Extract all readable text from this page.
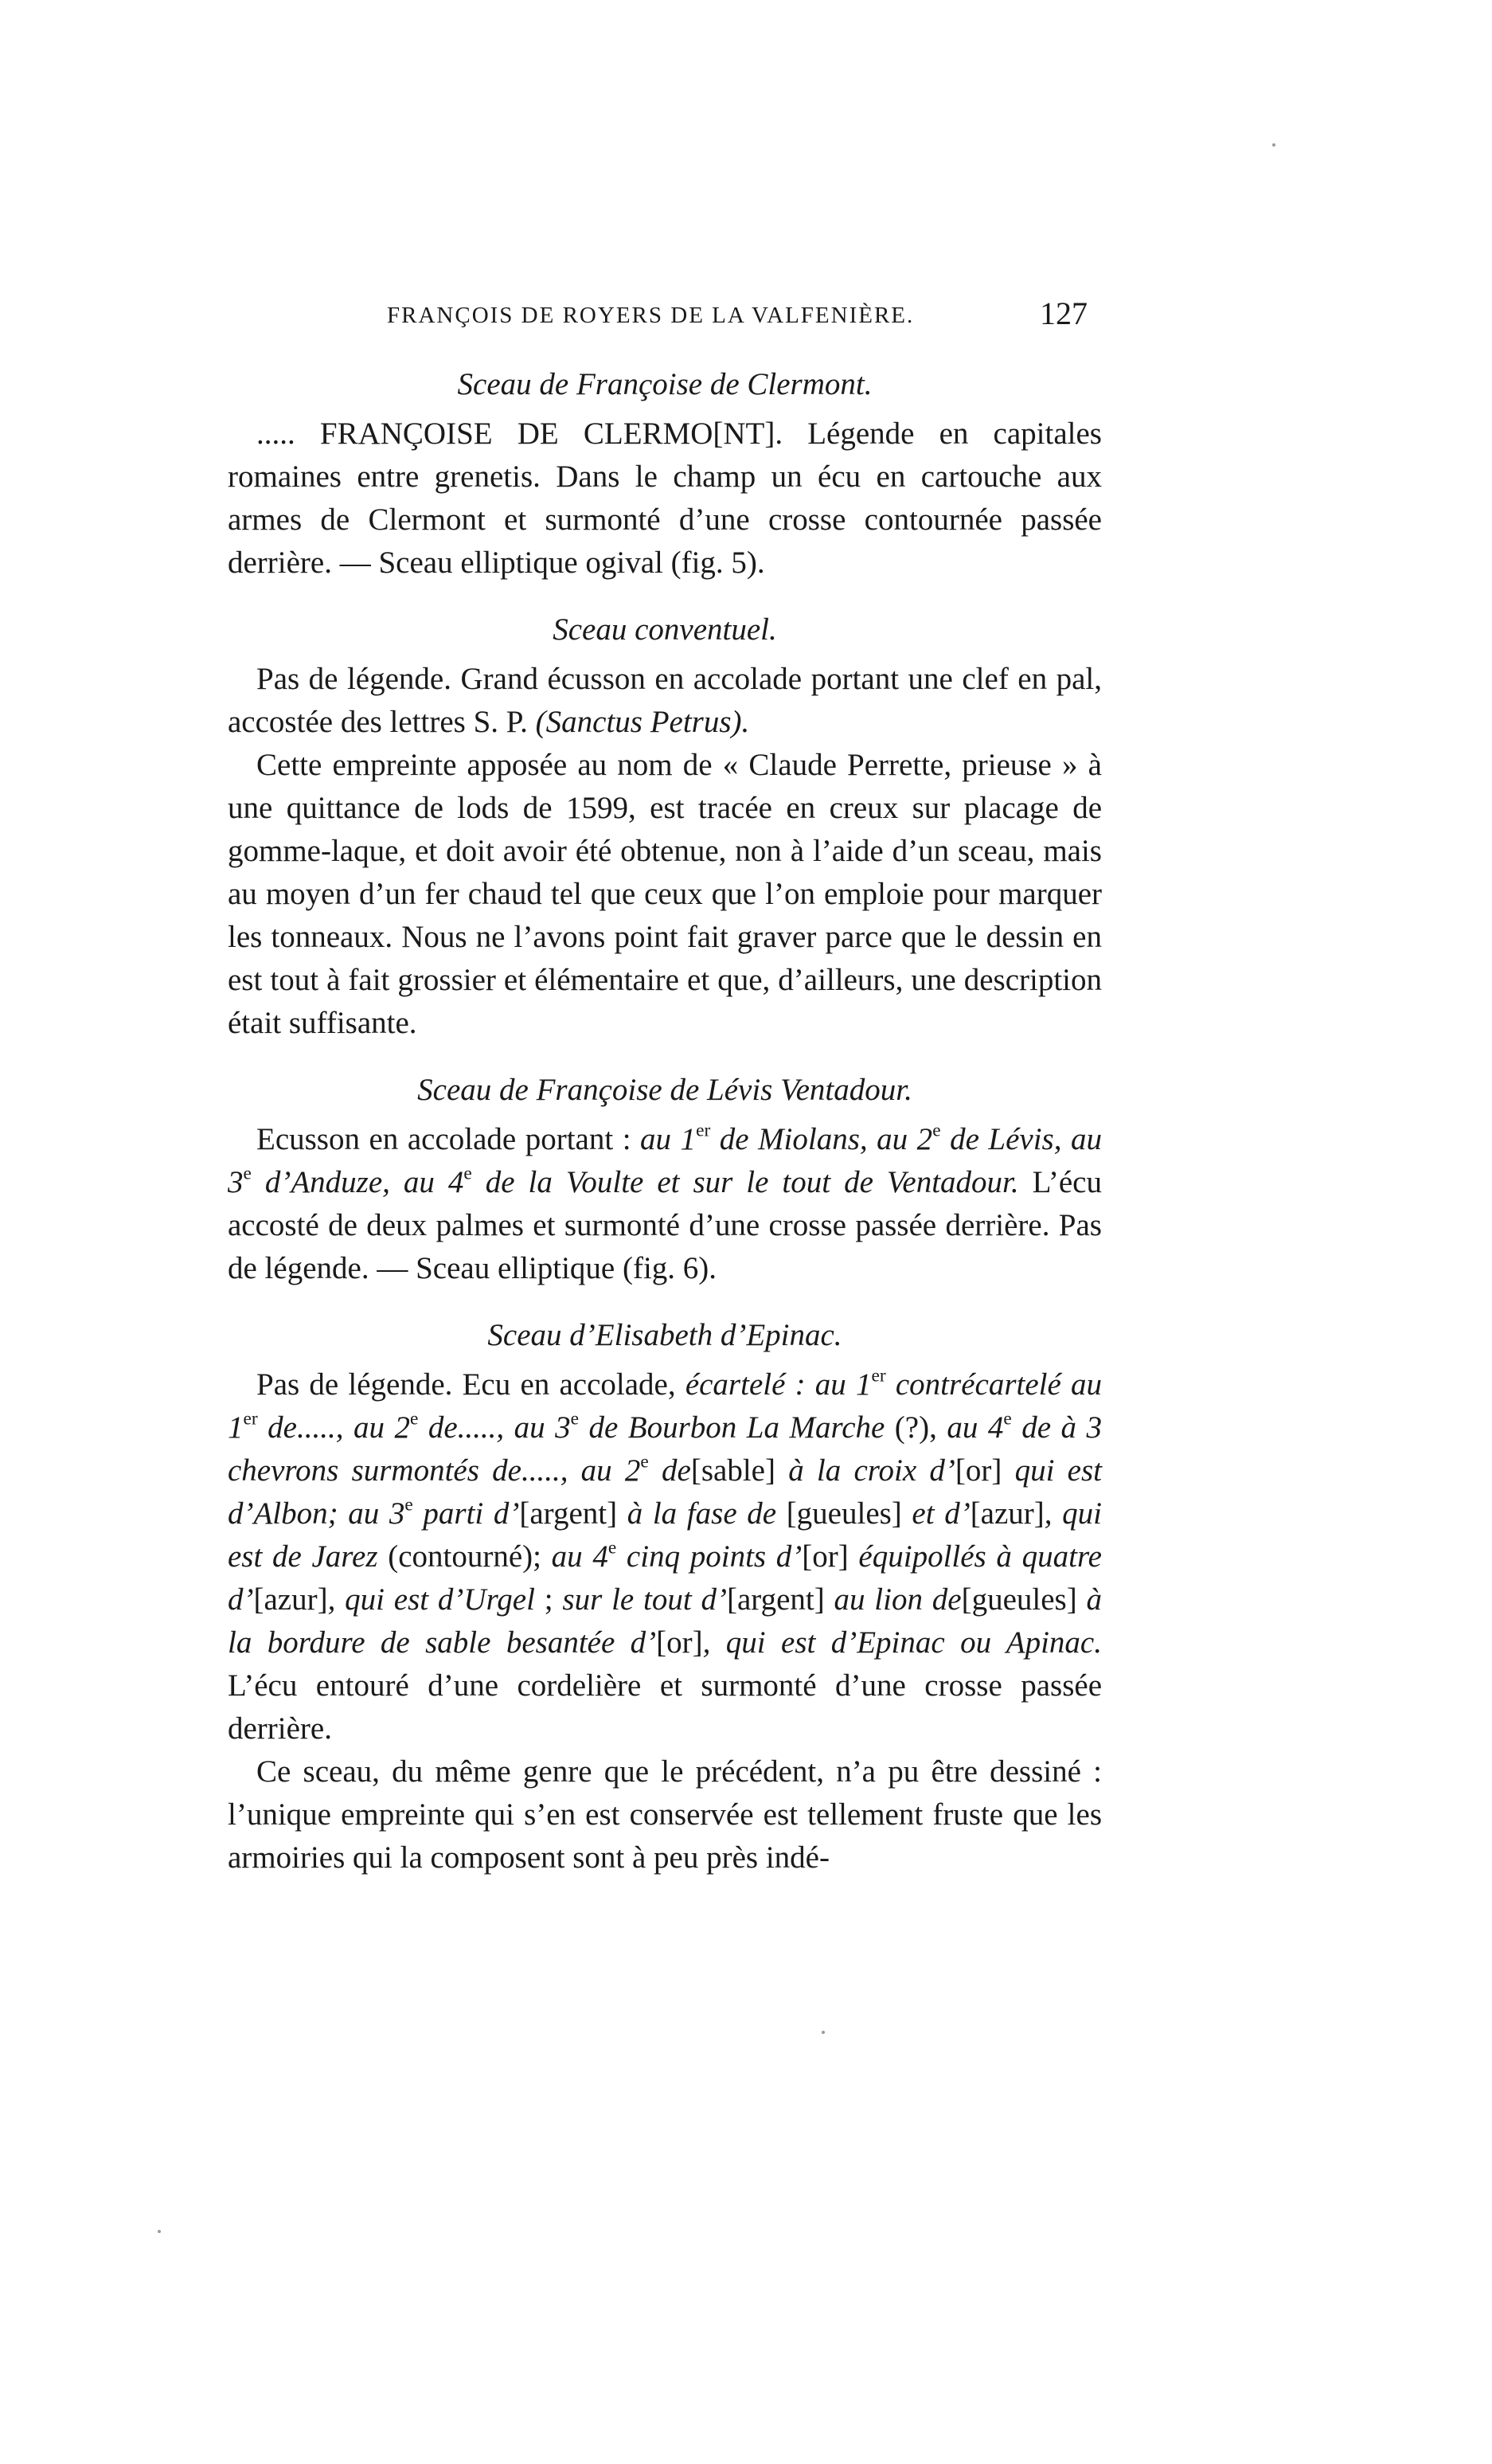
FRANÇOIS DE ROYERS DE LA VALFENIÈRE.	127
Sceau de Françoise de Clermont.

..... FRANÇOISE DE CLERMO[NT]. Légende en capitales romaines entre grenetis. Dans le champ un écu en cartouche aux armes de Clermont et surmonté d’une crosse contournée passée derrière. — Sceau elliptique ogival (fig. 5).

Sceau conventuel.

Pas de légende. Grand écusson en accolade portant une clef en pal, accostée des lettres S. P. (Sanctus Petrus).

Cette empreinte apposée au nom de « Claude Perrette, prieuse » à une quittance de lods de 1599, est tracée en creux sur placage de gomme-laque, et doit avoir été obtenue, non à l’aide d’un sceau, mais au moyen d’un fer chaud tel que ceux que l’on emploie pour marquer les tonneaux. Nous ne l’avons point fait graver parce que le dessin en est tout à fait grossier et élémentaire et que, d’ailleurs, une description était suffisante.

Sceau de Françoise de Lévis Ventadour.

Ecusson en accolade portant : au 1er de Miolans, au 2e de Lévis, au 3e d’Anduze, au 4e de la Voulte et sur le tout de Ventadour. L’écu accosté de deux palmes et surmonté d’une crosse passée derrière. Pas de légende. — Sceau elliptique (fig. 6).

Sceau d’Elisabeth d’Epinac.

Pas de légende. Ecu en accolade, écartelé : au 1er contrécartelé au 1er de....., au 2e de....., au 3e de Bourbon La Marche (?), au 4e de à 3 chevrons surmontés de....., au 2e de[sable] à la croix d’[or] qui est d’Albon; au 3e parti d’[argent] à la fase de [gueules] et d’[azur], qui est de Jarez (contourné); au 4e cinq points d’[or] équipollés à quatre d’[azur], qui est d’Urgel ; sur le tout d’[argent] au lion de[gueules] à la bordure de sable besantée d’[or], qui est d’Epinac ou Apinac. L’écu entouré d’une cordelière et surmonté d’une crosse passée derrière.

Ce sceau, du même genre que le précédent, n’a pu être dessiné : l’unique empreinte qui s’en est conservée est tellement fruste que les armoiries qui la composent sont à peu près indé-
